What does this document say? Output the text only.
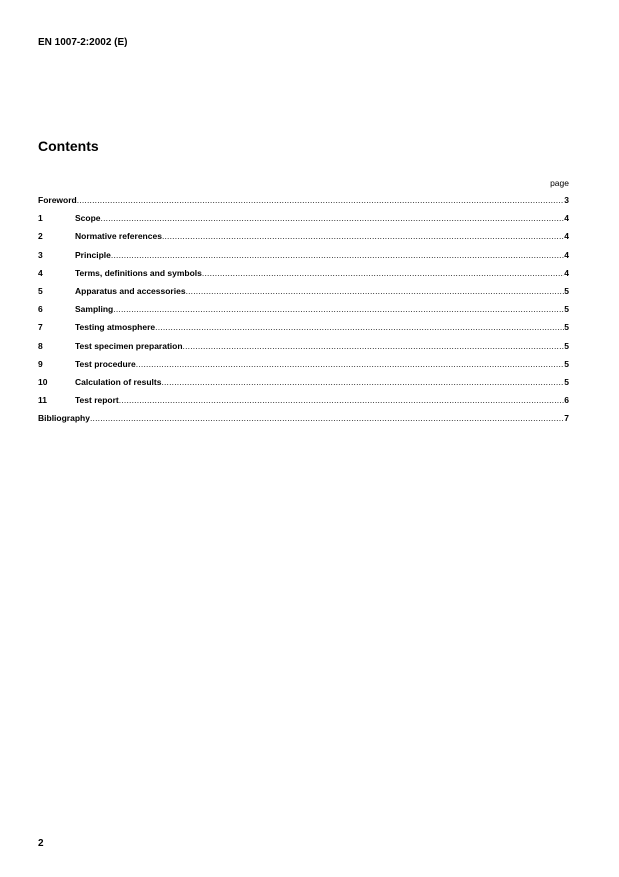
EN 1007-2:2002 (E)
Contents
page
Foreword .....	3
1	Scope .....	4
2	Normative references .....	4
3	Principle .....	4
4	Terms, definitions and symbols .....	4
5	Apparatus and accessories .....	5
6	Sampling .....	5
7	Testing atmosphere .....	5
8	Test specimen preparation .....	5
9	Test procedure .....	5
10	Calculation of results .....	5
11	Test report .....	6
Bibliography .....	7
2
